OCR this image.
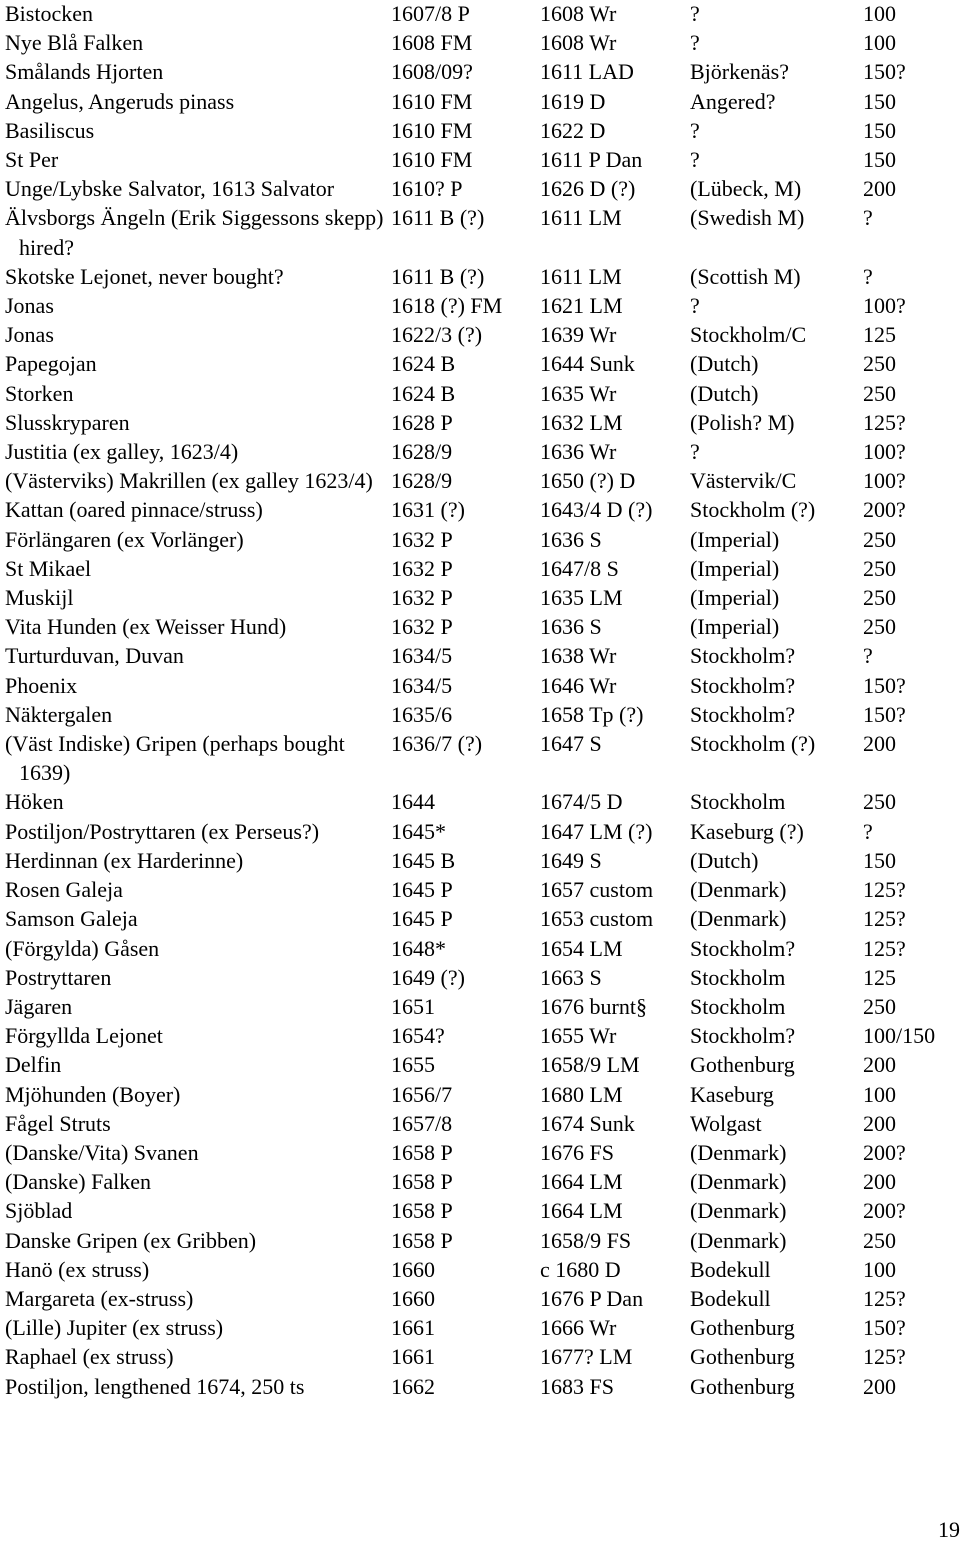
Bistocken	1607/8 P	1608 Wr	?	100

Nye Blå Falken	1608 FM	1608 Wr	?	100

Smålands Hjorten	1608/09?	1611 LAD	Björkenäs?	150?

Angelus, Angeruds pinass	1610 FM	1619 D	Angered?	150

Basiliscus	1610 FM	1622 D	?	150

St Per	1610 FM	1611 P Dan	?	150

Unge/Lybske Salvator, 1613 Salvator	1610? P	1626 D (?)	(Lübeck, M)	200

Älvsborgs Ängeln (Erik Siggessons skepp) hired?	1611 B (?)	1611 LM	(Swedish M)	?

Skotske Lejonet, never bought?	1611 B (?)	1611 LM	(Scottish M)	?

Jonas	1618 (?) FM	1621 LM	?	100?

Jonas	1622/3 (?)	1639 Wr	Stockholm/C	125

Papegojan	1624 B	1644 Sunk	(Dutch)	250

Storken	1624 B	1635 Wr	(Dutch)	250

Slusskryparen	1628 P	1632 LM	(Polish? M)	125?

Justitia (ex galley, 1623/4)	1628/9	1636 Wr	?	100?

(Västerviks) Makrillen (ex galley 1623/4)	1628/9	1650 (?) D	Västervik/C	100?

Kattan (oared pinnace/struss)	1631 (?)	1643/4 D (?)	Stockholm (?)	200?

Förlängaren (ex Vorlänger)	1632 P	1636 S	(Imperial)	250

St Mikael	1632 P	1647/8 S	(Imperial)	250

Muskijl	1632 P	1635 LM	(Imperial)	250

Vita Hunden (ex Weisser Hund)	1632 P	1636 S	(Imperial)	250

Turturduvan, Duvan	1634/5	1638 Wr	Stockholm?	?

Phoenix	1634/5	1646 Wr	Stockholm?	150?

Näktergalen	1635/6	1658 Tp (?)	Stockholm?	150?

(Väst Indiske) Gripen (perhaps bought 1639)	1636/7 (?)	1647 S	Stockholm (?)	200

Höken	1644	1674/5 D	Stockholm	250

Postiljon/Postryttaren (ex Perseus?)	1645*	1647 LM (?)	Kaseburg (?)	?

Herdinnan (ex Harderinne)	1645 B	1649 S	(Dutch)	150

Rosen Galeja	1645 P	1657 custom	(Denmark)	125?

Samson Galeja	1645 P	1653 custom	(Denmark)	125?

(Förgylda) Gåsen	1648*	1654 LM	Stockholm?	125?

Postryttaren	1649 (?)	1663 S	Stockholm	125

Jägaren	1651	1676 burnt§	Stockholm	250

Förgyllda Lejonet	1654?	1655 Wr	Stockholm?	100/150

Delfin	1655	1658/9 LM	Gothenburg	200

Mjöhunden (Boyer)	1656/7	1680 LM	Kaseburg	100

Fågel Struts	1657/8	1674 Sunk	Wolgast	200

(Danske/Vita) Svanen	1658 P	1676 FS	(Denmark)	200?

(Danske) Falken	1658 P	1664 LM	(Denmark)	200

Sjöblad	1658 P	1664 LM	(Denmark)	200?

Danske Gripen (ex Gribben)	1658 P	1658/9 FS	(Denmark)	250

Hanö (ex struss)	1660	c 1680 D	Bodekull	100

Margareta (ex-struss)	1660	1676 P Dan	Bodekull	125?

(Lille) Jupiter (ex struss)	1661	1666 Wr	Gothenburg	150?

Raphael (ex struss)	1661	1677? LM	Gothenburg	125?

Postiljon, lengthened 1674, 250 ts	1662	1683 FS	Gothenburg	200
19
